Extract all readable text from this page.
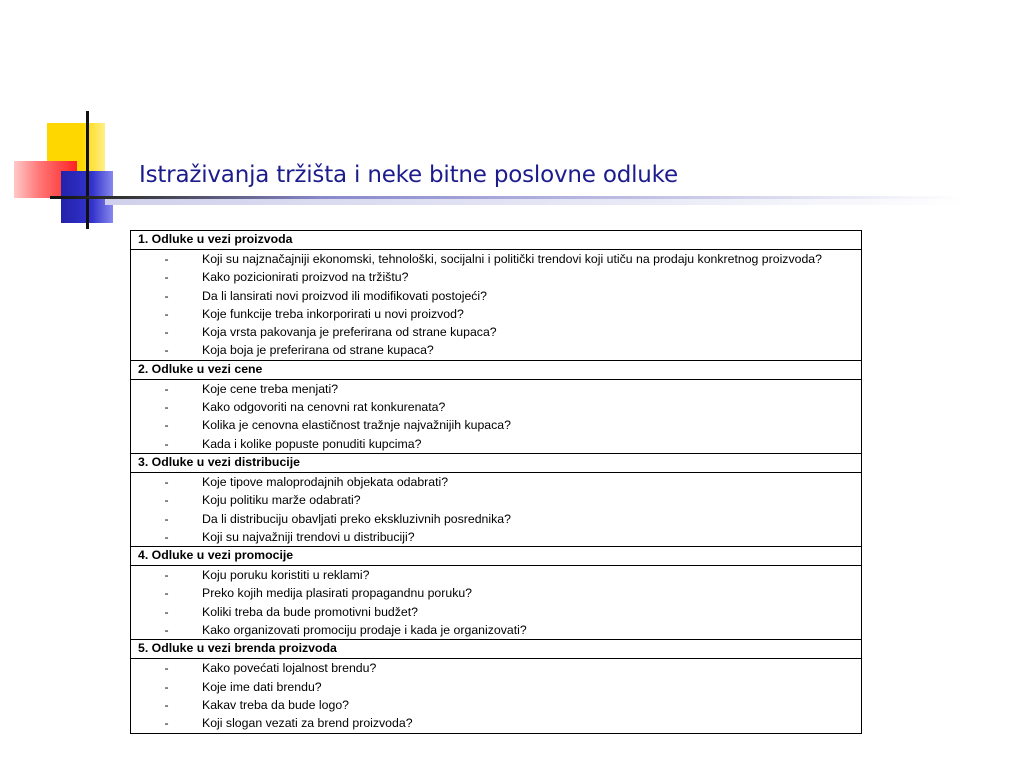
Istraživanja tržišta i neke bitne poslovne odluke
1. Odluke u vezi proizvoda
-	Koji su najznačajniji ekonomski, tehnološki, socijalni i politički trendovi koji utiču na prodaju konkretnog proizvoda?
-	Kako pozicionirati proizvod na tržištu?
-	Da li lansirati novi proizvod ili modifikovati postojeći?
-	Koje funkcije treba inkorporirati u novi proizvod?
-	Koja vrsta pakovanja je preferirana od strane kupaca?
-	Koja boja je preferirana od strane kupaca?
2. Odluke u vezi cene
-	Koje cene treba menjati?
-	Kako odgovoriti na cenovni rat konkurenata?
-	Kolika je cenovna elastičnost tražnje najvažnijih kupaca?
-	Kada i kolike popuste ponuditi kupcima?
3. Odluke u vezi distribucije
-	Koje tipove maloprodajnih objekata odabrati?
-	Koju politiku marže odabrati?
-	Da li distribuciju obavljati preko ekskluzivnih posrednika?
-	Koji su najvažniji trendovi u distribuciji?
4. Odluke u vezi promocije
-	Koju poruku koristiti u reklami?
-	Preko kojih medija plasirati propagandnu poruku?
-	Koliki treba da bude promotivni budžet?
-	Kako organizovati promociju prodaje i kada je organizovati?
5. Odluke u vezi brenda proizvoda
-	Kako povećati lojalnost brendu?
-	Koje ime dati brendu?
-	Kakav treba da bude logo?
-	Koji slogan vezati za brend proizvoda?
